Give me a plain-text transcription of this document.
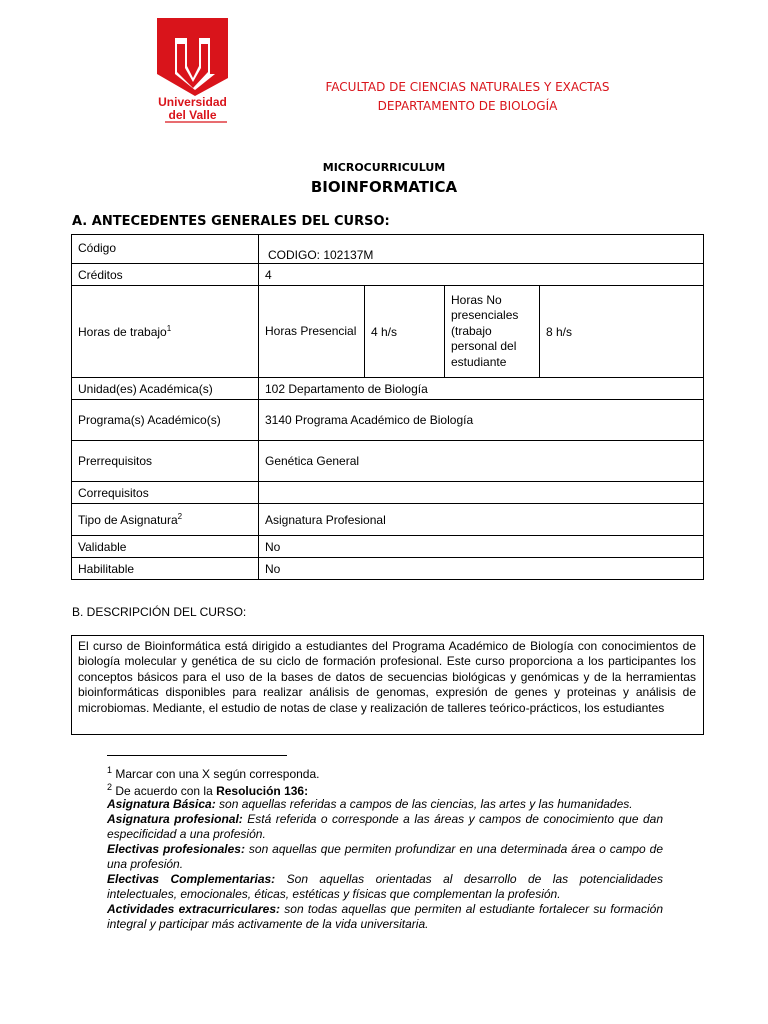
Universidad
del Valle
FACULTAD DE CIENCIAS NATURALES Y EXACTAS
DEPARTAMENTO DE BIOLOGÍA
MICROCURRICULUM
BIOINFORMATICA
A. ANTECEDENTES GENERALES DEL CURSO:
Código	CODIGO: 102137M			
Créditos	4			
Horas de trabajo$^1$	Horas Presencial	4 h/s	Horas No presenciales (trabajo personal del estudiante	8 h/s
Unidad(es) Académica(s)	102 Departamento de Biología			
Programa(s) Académico(s)	3140 Programa Académico de Biología			
Prerrequisitos	Genética General			
Correquisitos				
Tipo de Asignatura$^2$	Asignatura Profesional			
Validable	No			
Habilitable	No			
B. DESCRIPCIÓN DEL CURSO:

El curso de Bioinformática está dirigido a estudiantes del Programa Académico de Biología con conocimientos de biología molecular y genética de su ciclo de formación profesional. Este curso proporciona a los participantes los conceptos básicos para el uso de la bases de datos de secuencias biológicas y genómicas y de la herramientas bioinformáticas disponibles para realizar análisis de genomas, expresión de genes y proteinas y análisis de microbiomas. Mediante, el estudio de notas de clase y realización de talleres teórico-prácticos, los estudiantes

$^1$ Marcar con una X según corresponda.
$^2$ De acuerdo con la Resolución 136:
Asignatura Básica: son aquellas referidas a campos de las ciencias, las artes y las humanidades.
Asignatura profesional: Está referida o corresponde a las áreas y campos de conocimiento que dan especificidad a una profesión.
Electivas profesionales: son aquellas que permiten profundizar en una determinada área o campo de una profesión.
Electivas Complementarias: Son aquellas orientadas al desarrollo de las potencialidades intelectuales, emocionales, éticas, estéticas y físicas que complementan la profesión.
Actividades extracurriculares: son todas aquellas que permiten al estudiante fortalecer su formación integral y participar más activamente de la vida universitaria.
